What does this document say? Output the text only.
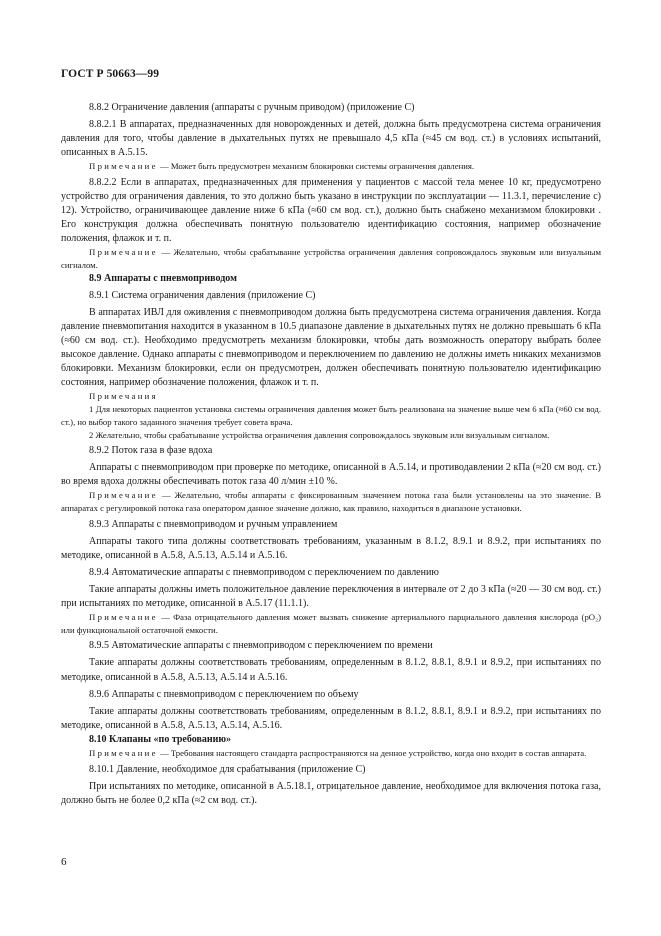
ГОСТ Р 50663—99
8.8.2 Ограничение давления (аппараты с ручным приводом) (приложение С)
8.8.2.1 В аппаратах, предназначенных для новорожденных и детей, должна быть предусмотрена система ограничения давления для того, чтобы давление в дыхательных путях не превышало 4,5 кПа (≈45 см вод. ст.) в условиях испытаний, описанных в А.5.15.
Примечание — Может быть предусмотрен механизм блокировки системы ограничения давления.
8.8.2.2 Если в аппаратах, предназначенных для применения у пациентов с массой тела менее 10 кг, предусмотрено устройство для ограничения давления, то это должно быть указано в инструкции по эксплуатации — 11.3.1, перечисление с) 12). Устройство, ограничивающее давление ниже 6 кПа (≈60 см вод. ст.), должно быть снабжено механизмом блокировки . Его конструкция должна обеспечивать понятную пользователю идентификацию состояния, например обозначение положения, флажок и т. п.
Примечание — Желательно, чтобы срабатывание устройства ограничения давления сопровождалось звуковым или визуальным сигналом.
8.9 Аппараты с пневмоприводом
8.9.1 Система ограничения давления (приложение С)
В аппаратах ИВЛ для оживления с пневмоприводом должна быть предусмотрена система ограничения давления. Когда давление пневмопитания находится в указанном в 10.5 диапазоне давление в дыхательных путях не должно превышать 6 кПа (≈60 см вод. ст.). Необходимо предусмотреть механизм блокировки, чтобы дать возможность оператору выбрать более высокое давление. Однако аппараты с пневмоприводом и переключением по давлению не должны иметь никаких механизмов блокировки. Механизм блокировки, если он предусмотрен, должен обеспечивать понятную пользователю идентификацию состояния, например обозначение положения, флажок и т. п.
Примечания
1 Для некоторых пациентов установка системы ограничения давления может быть реализована на значение выше чем 6 кПа (≈60 см вод. ст.), но выбор такого заданного значения требует совета врача.
2 Желательно, чтобы срабатывание устройства ограничения давления сопровождалось звуковым или визуальным сигналом.
8.9.2 Поток газа в фазе вдоха
Аппараты с пневмоприводом при проверке по методике, описанной в А.5.14, и противодавлении 2 кПа (≈20 см вод. ст.) во время вдоха должны обеспечивать поток газа 40 л/мин ±10 %.
Примечание — Желательно, чтобы аппараты с фиксированным значением потока газа были установлены на это значение. В аппаратах с регулировкой потока газа оператором данное значение должно, как правило, находиться в диапазоне установки.
8.9.3 Аппараты с пневмоприводом и ручным управлением
Аппараты такого типа должны соответствовать требованиям, указанным в 8.1.2, 8.9.1 и 8.9.2, при испытаниях по методике, описанной в А.5.8, А.5.13, А.5.14 и А.5.16.
8.9.4 Автоматические аппараты с пневмоприводом с переключением по давлению
Такие аппараты должны иметь положительное давление переключения в интервале от 2 до 3 кПа (≈20 — 30 см вод. ст.) при испытаниях по методике, описанной в А.5.17 (11.1.1).
Примечание — Фаза отрицательного давления может вызвать снижение артериального парциального давления кислорода (pO₂) или функциональной остаточной емкости.
8.9.5 Автоматические аппараты с пневмоприводом с переключением по времени
Такие аппараты должны соответствовать требованиям, определенным в 8.1.2, 8.8.1, 8.9.1 и 8.9.2, при испытаниях по методике, описанной в А.5.8, А.5.13, А.5.14 и А.5.16.
8.9.6 Аппараты с пневмоприводом с переключением по объему
Такие аппараты должны соответствовать требованиям, определенным в 8.1.2, 8.8.1, 8.9.1 и 8.9.2, при испытаниях по методике, описанной в А.5.8, А.5.13, А.5.14, А.5.16.
8.10 Клапаны «по требованию»
Примечание — Требования настоящего стандарта распространяются на денное устройство, когда оно входит в состав аппарата.
8.10.1 Давление, необходимое для срабатывания (приложение С)
При испытаниях по методике, описанной в А.5.18.1, отрицательное давление, необходимое для включения потока газа, должно быть не более 0,2 кПа (≈2 см вод. ст.).
6
